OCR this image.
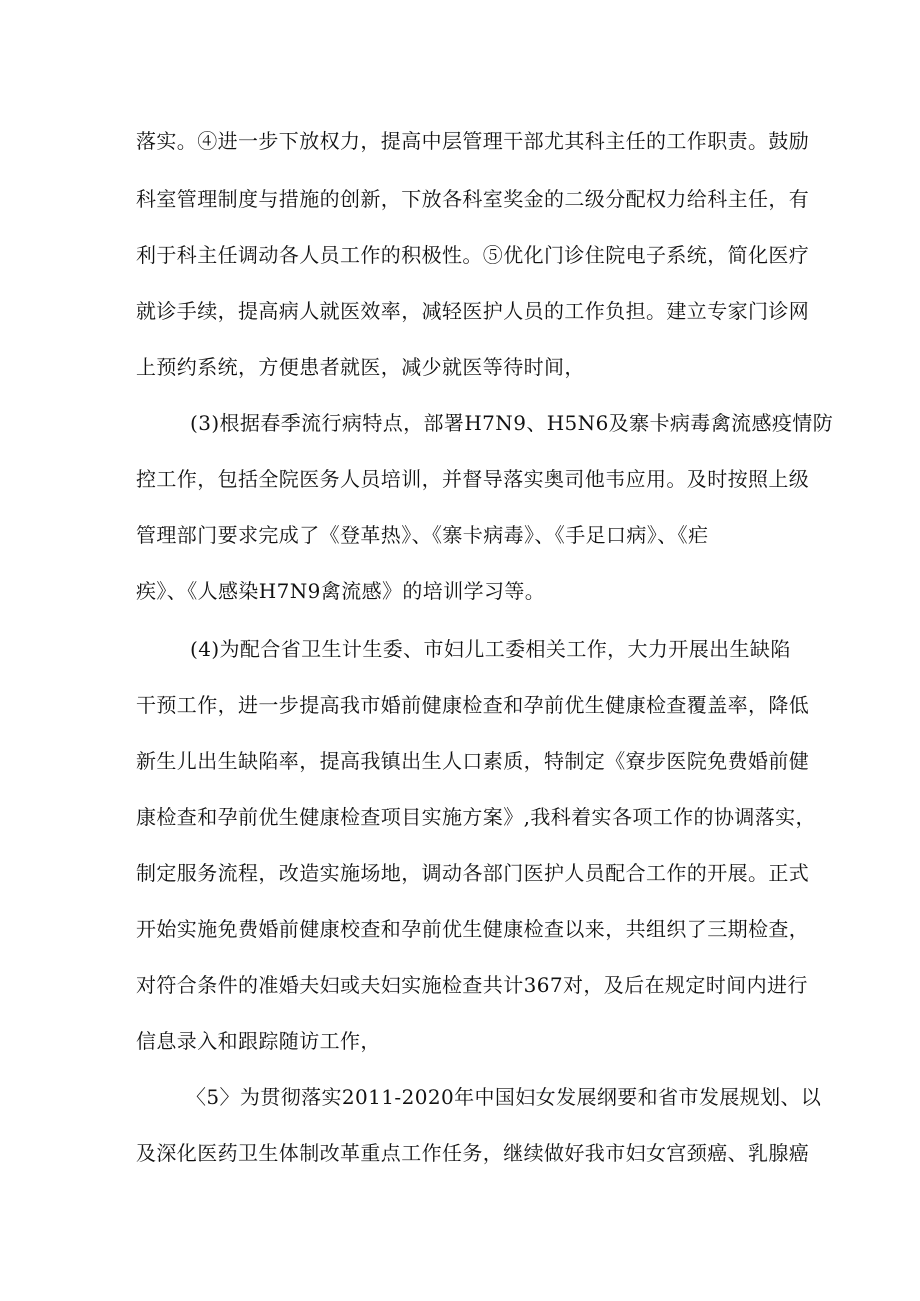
落实。④进一步下放权力，提高中层管理干部尤其科主任的工作职责。鼓励
科室管理制度与措施的创新，下放各科室奖金的二级分配权力给科主任，有
利于科主任调动各人员工作的积极性。⑤优化门诊住院电子系统，简化医疗
就诊手续，提高病人就医效率，减轻医护人员的工作负担。建立专家门诊网
上预约系统，方便患者就医，减少就医等待时间，
(3)根据春季流行病特点，部署H7N9、H5N6及寨卡病毒禽流感疫情防
控工作，包括全院医务人员培训，并督导落实奥司他韦应用。及时按照上级
管理部门要求完成了《登革热》、《寨卡病毒》、《手足口病》、《疟
疾》、《人感染H7N9禽流感》的培训学习等。
(4)为配合省卫生计生委、市妇儿工委相关工作，大力开展出生缺陷
干预工作，进一步提高我市婚前健康检查和孕前优生健康检查覆盖率，降低
新生儿出生缺陷率，提高我镇出生人口素质，特制定《寮步医院免费婚前健
康检查和孕前优生健康检查项目实施方案》,我科着实各项工作的协调落实，
制定服务流程，改造实施场地，调动各部门医护人员配合工作的开展。正式
开始实施免费婚前健康校查和孕前优生健康检查以来，共组织了三期检查，
对符合条件的准婚夫妇或夫妇实施检查共计367对，及后在规定时间内进行
信息录入和跟踪随访工作，
〈5〉为贯彻落实2011-2020年中国妇女发展纲要和省市发展规划、以
及深化医药卫生体制改革重点工作任务，继续做好我市妇女宫颈癌、乳腺癌
